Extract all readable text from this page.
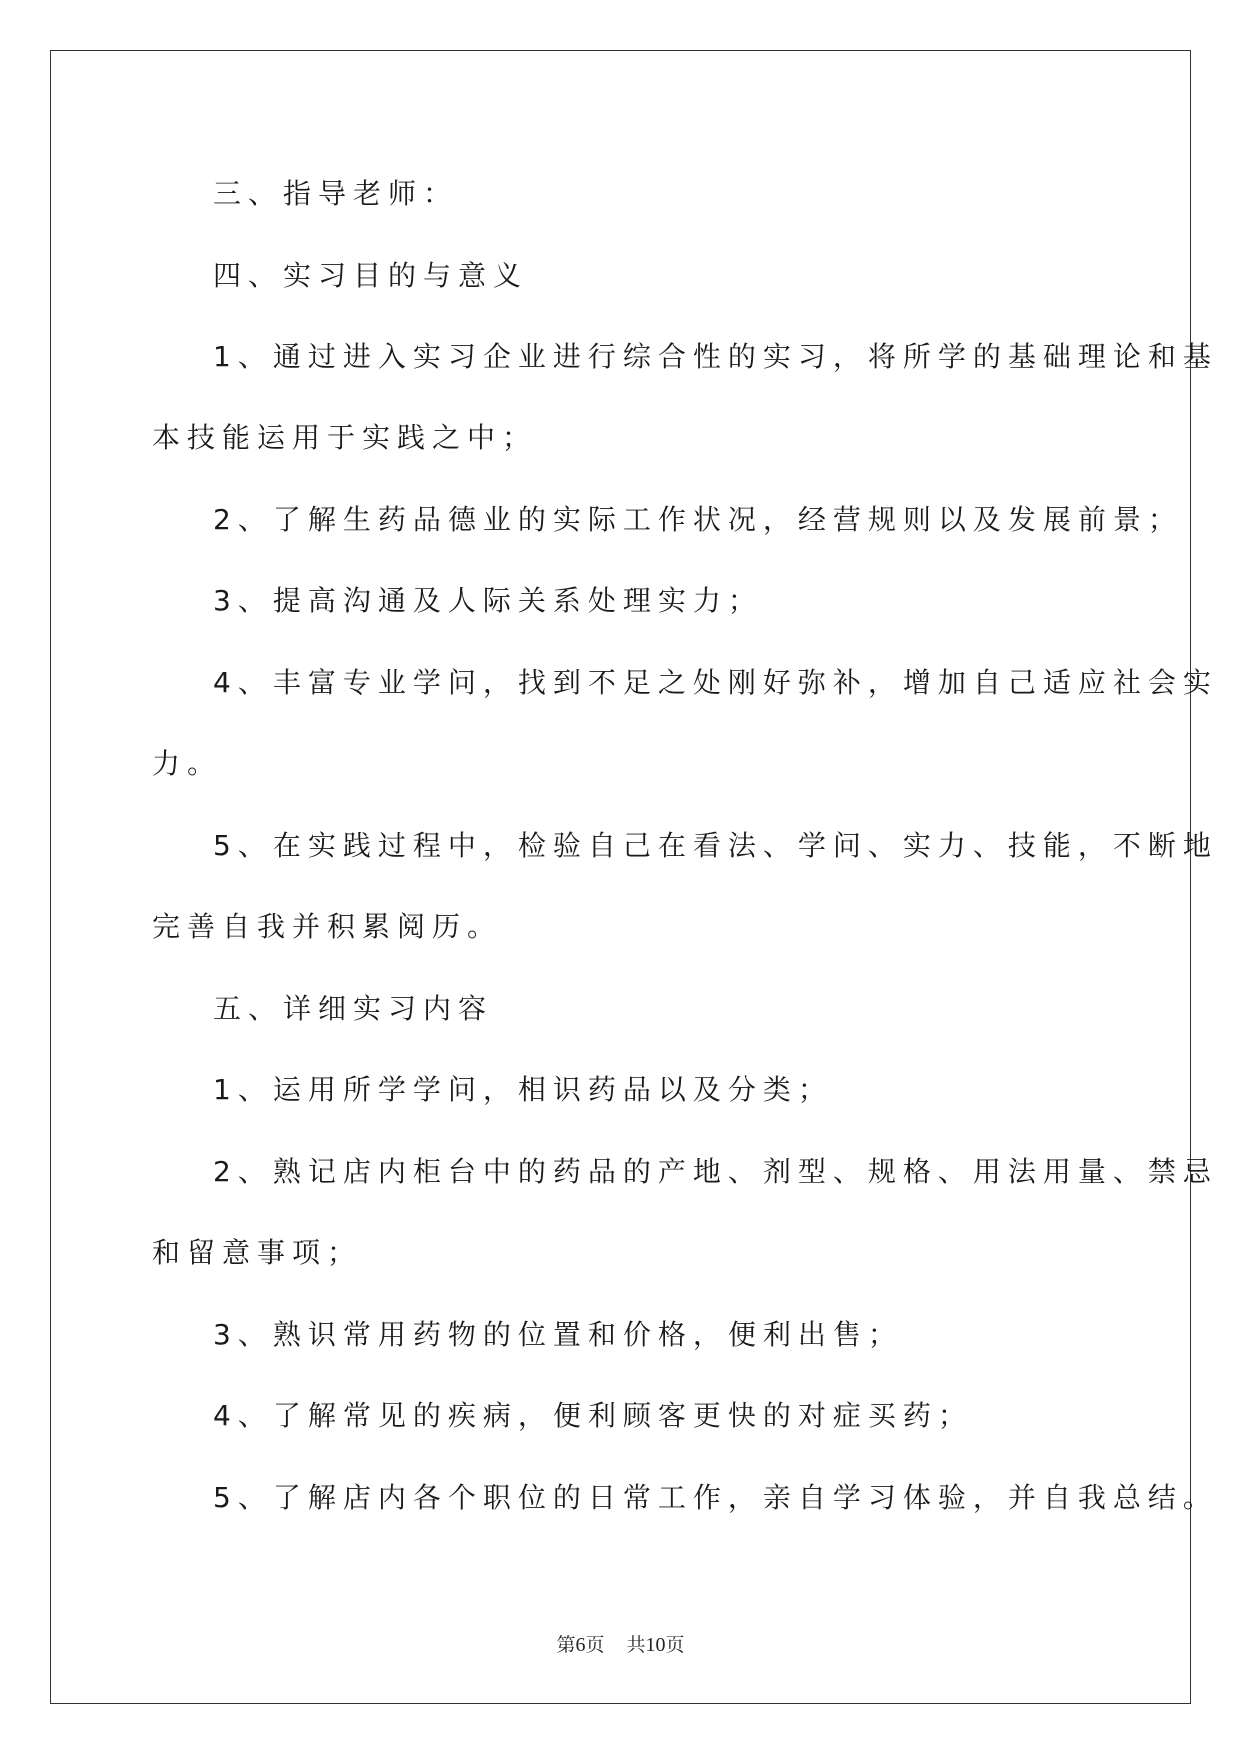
三、指导老师：

四、实习目的与意义

1、通过进入实习企业进行综合性的实习，将所学的基础理论和基

本技能运用于实践之中；

2、了解生药品德业的实际工作状况，经营规则以及发展前景；

3、提高沟通及人际关系处理实力；

4、丰富专业学问，找到不足之处刚好弥补，增加自己适应社会实

力。

5、在实践过程中，检验自己在看法、学问、实力、技能，不断地

完善自我并积累阅历。

五、详细实习内容

1、运用所学学问，相识药品以及分类；

2、熟记店内柜台中的药品的产地、剂型、规格、用法用量、禁忌

和留意事项；

3、熟识常用药物的位置和价格，便利出售；

4、了解常见的疾病，便利顾客更快的对症买药；

5、了解店内各个职位的日常工作，亲自学习体验，并自我总结。

第6页 共10页
